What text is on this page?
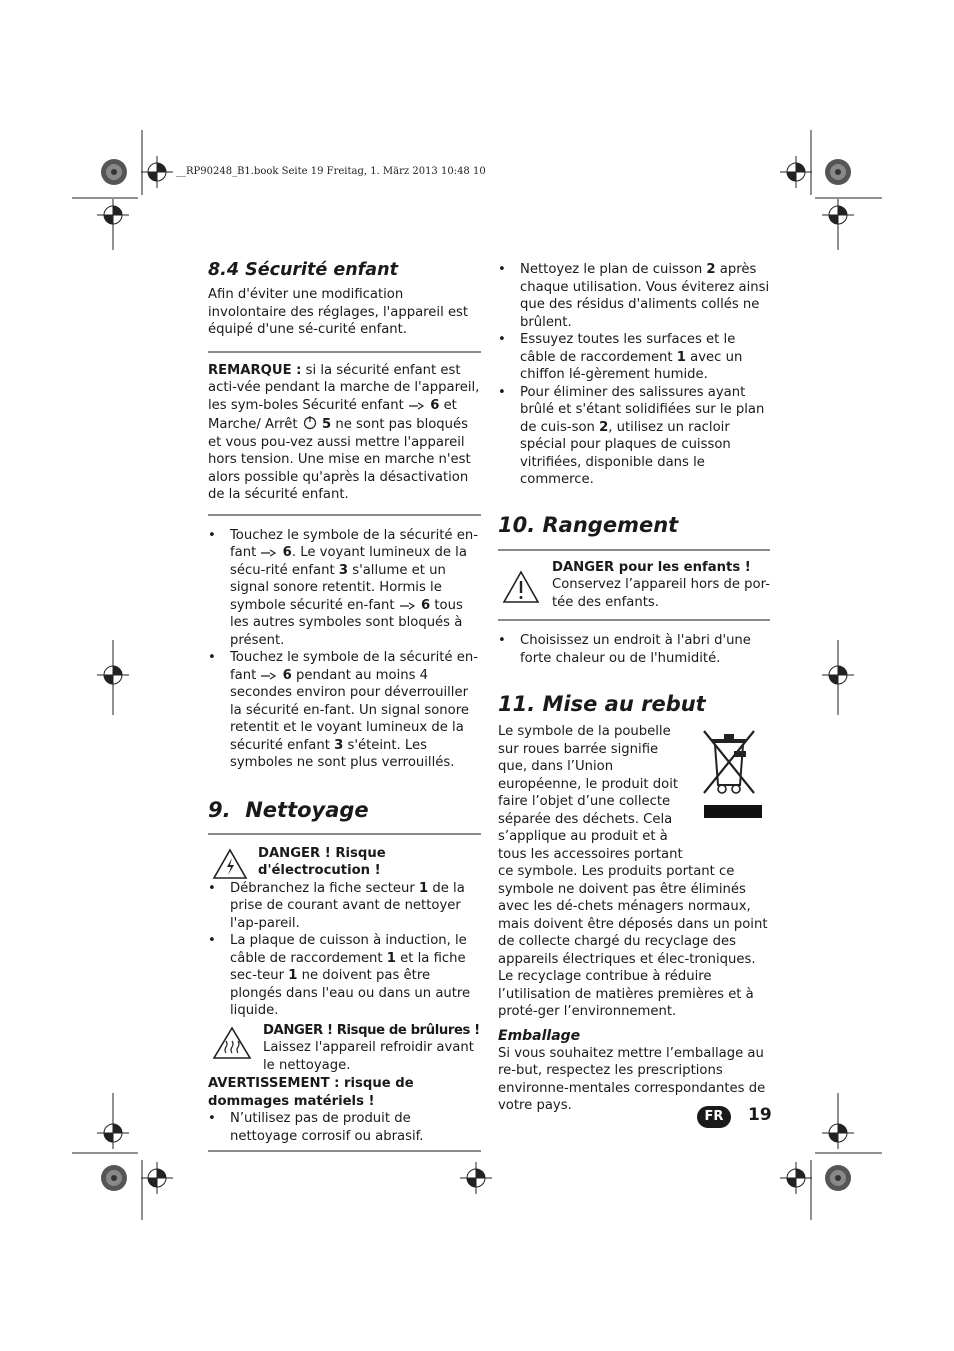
__RP90248_B1.book Seite 19 Freitag, 1. März 2013 10:48 10
8.4 Sécurité enfant

Afin d'éviter une modification involontaire des réglages, l'appareil est équipé d'une sé-curité enfant.

REMARQUE : si la sécurité enfant est acti-vée pendant la marche de l'appareil, les sym-boles Sécurité enfant  6 et Marche/ Arrêt  5 ne sont pas bloqués et vous pou-vez aussi mettre l'appareil hors tension. Une mise en marche n'est alors possible qu'après la désactivation de la sécurité enfant.

• Touchez le symbole de la sécurité en-fant  6. Le voyant lumineux de la sécu-rité enfant 3 s'allume et un signal sonore retentit. Hormis le symbole sécurité en-fant  6 tous les autres symboles sont bloqués à présent.
• Touchez le symbole de la sécurité en-fant  6 pendant au moins 4 secondes environ pour déverrouiller la sécurité en-fant. Un signal sonore retentit et le voyant lumineux de la sécurité enfant 3 s'éteint. Les symboles ne sont plus verrouillés.
9.  Nettoyage
DANGER ! Risque
d'électrocution !
• Débranchez la fiche secteur 1 de la prise de courant avant de nettoyer l'ap-pareil.
• La plaque de cuisson à induction, le câble de raccordement 1 et la fiche sec-teur 1 ne doivent pas être plongés dans l'eau ou dans un autre liquide.
DANGER ! Risque de brûlures !
Laissez l'appareil refroidir avant le nettoyage.
AVERTISSEMENT : risque de dommages matériels !
• N’utilisez pas de produit de nettoyage corrosif ou abrasif.
• Nettoyez le plan de cuisson 2 après chaque utilisation. Vous éviterez ainsi que des résidus d'aliments collés ne brûlent.
• Essuyez toutes les surfaces et le câble de raccordement 1 avec un chiffon lé-gèrement humide.
• Pour éliminer des salissures ayant brûlé et s'étant solidifiées sur le plan de cuis-son 2, utilisez un racloir spécial pour plaques de cuisson vitrifiées, disponible dans le commerce.
10. Rangement
DANGER pour les enfants !
Conservez l’appareil hors de por-tée des enfants.
• Choisissez un endroit à l'abri d'une forte chaleur ou de l'humidité.
11. Mise au rebut

Le symbole de la poubelle sur roues barrée signifie que, dans l’Union européenne, le produit doit faire l’objet d’une collecte séparée des déchets. Cela s’applique au produit et à tous les accessoires portant

ce symbole. Les produits portant ce symbole ne doivent pas être éliminés avec les dé-chets ménagers normaux, mais doivent être déposés dans un point de collecte chargé du recyclage des appareils électriques et élec-troniques. Le recyclage contribue à réduire l’utilisation de matières premières et à proté-ger l’environnement.

Emballage

Si vous souhaitez mettre l’emballage au re-but, respectez les prescriptions environne-mentales correspondantes de votre pays.

FR	19
